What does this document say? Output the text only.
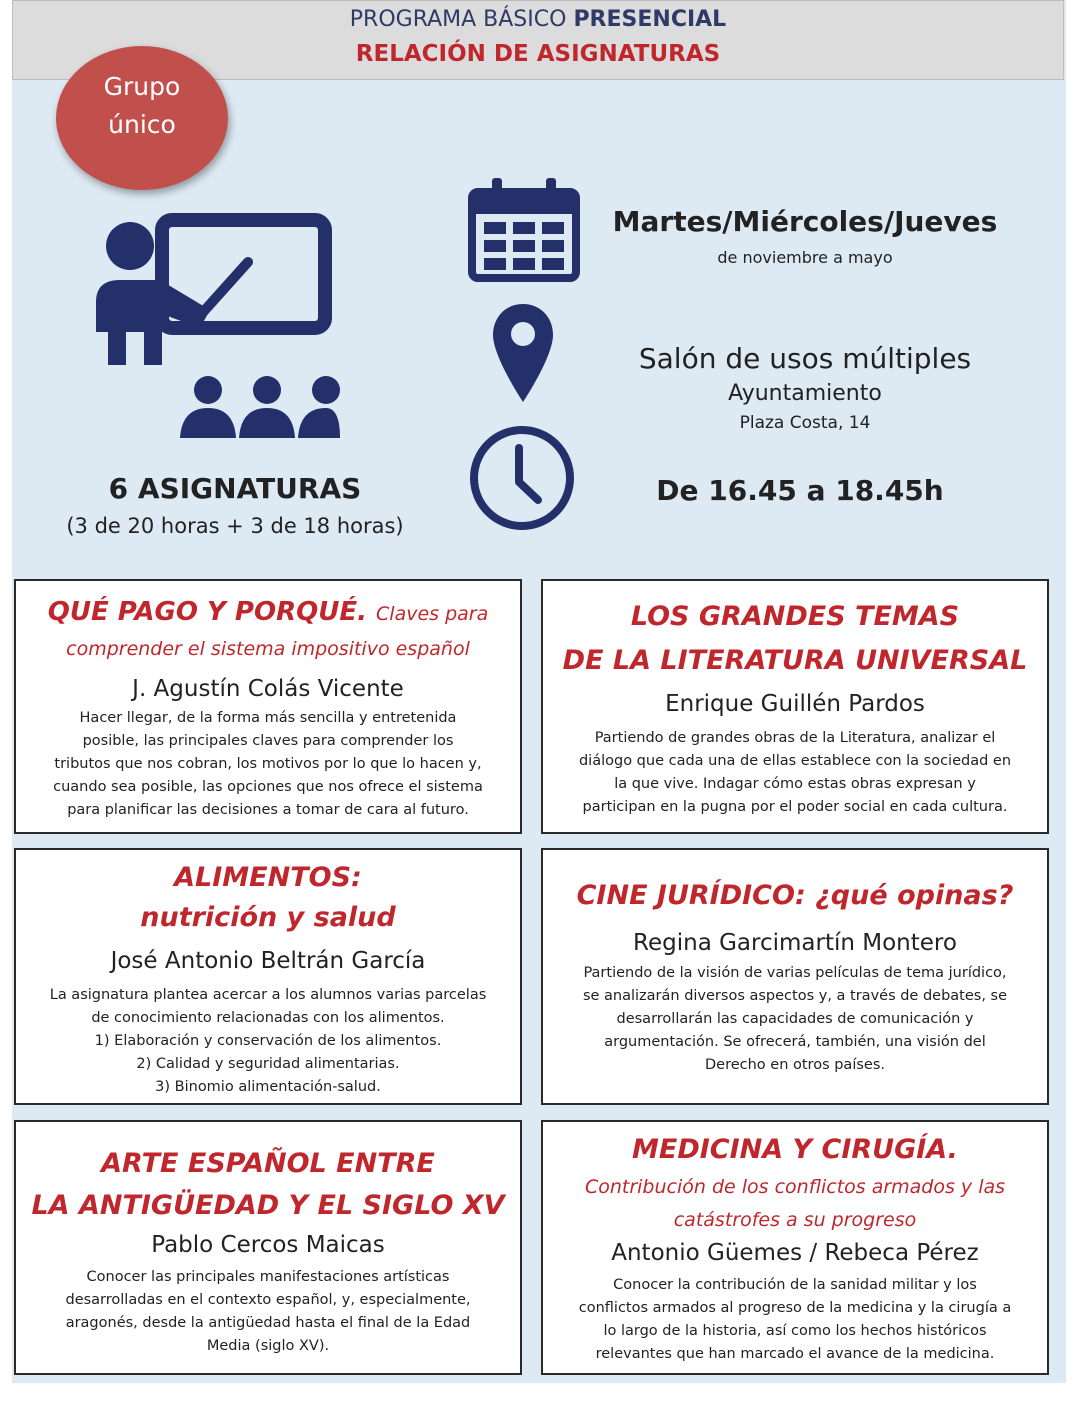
PROGRAMA BÁSICO PRESENCIAL
RELACIÓN DE ASIGNATURAS
Grupo
único
6 ASIGNATURAS
(3 de 20 horas + 3 de 18 horas)
Martes/Miércoles/Jueves
de noviembre a mayo
Salón de usos múltiples
Ayuntamiento
Plaza Costa, 14
De 16.45 a 18.45h
QUÉ PAGO Y PORQUÉ. Claves para
comprender el sistema impositivo español
J. Agustín Colás Vicente
Hacer llegar, de la forma más sencilla y entretenida
posible, las principales claves para comprender los
tributos que nos cobran, los motivos por lo que lo hacen y,
cuando sea posible, las opciones que nos ofrece el sistema
para planificar las decisiones a tomar de cara al futuro.
LOS GRANDES TEMAS
DE LA LITERATURA UNIVERSAL
Enrique Guillén Pardos
Partiendo de grandes obras de la Literatura, analizar el
diálogo que cada una de ellas establece con la sociedad en
la que vive. Indagar cómo estas obras expresan y
participan en la pugna por el poder social en cada cultura.
ALIMENTOS:
nutrición y salud
José Antonio Beltrán García
La asignatura plantea acercar a los alumnos varias parcelas
de conocimiento relacionadas con los alimentos.
1) Elaboración y conservación de los alimentos.
2) Calidad y seguridad alimentarias.
3) Binomio alimentación-salud.
CINE JURÍDICO: ¿qué opinas?
Regina Garcimartín Montero
Partiendo de la visión de varias películas de tema jurídico,
se analizarán diversos aspectos y, a través de debates, se
desarrollarán las capacidades de comunicación y
argumentación. Se ofrecerá, también, una visión del
Derecho en otros países.
ARTE ESPAÑOL ENTRE
LA ANTIGÜEDAD Y EL SIGLO XV
Pablo Cercos Maicas
Conocer las principales manifestaciones artísticas
desarrolladas en el contexto español, y, especialmente,
aragonés, desde la antigüedad hasta el final de la Edad
Media (siglo XV).
MEDICINA Y CIRUGÍA.
Contribución de los conflictos armados y las
catástrofes a su progreso
Antonio Güemes / Rebeca Pérez
Conocer la contribución de la sanidad militar y los
conflictos armados al progreso de la medicina y la cirugía a
lo largo de la historia, así como los hechos históricos
relevantes que han marcado el avance de la medicina.
